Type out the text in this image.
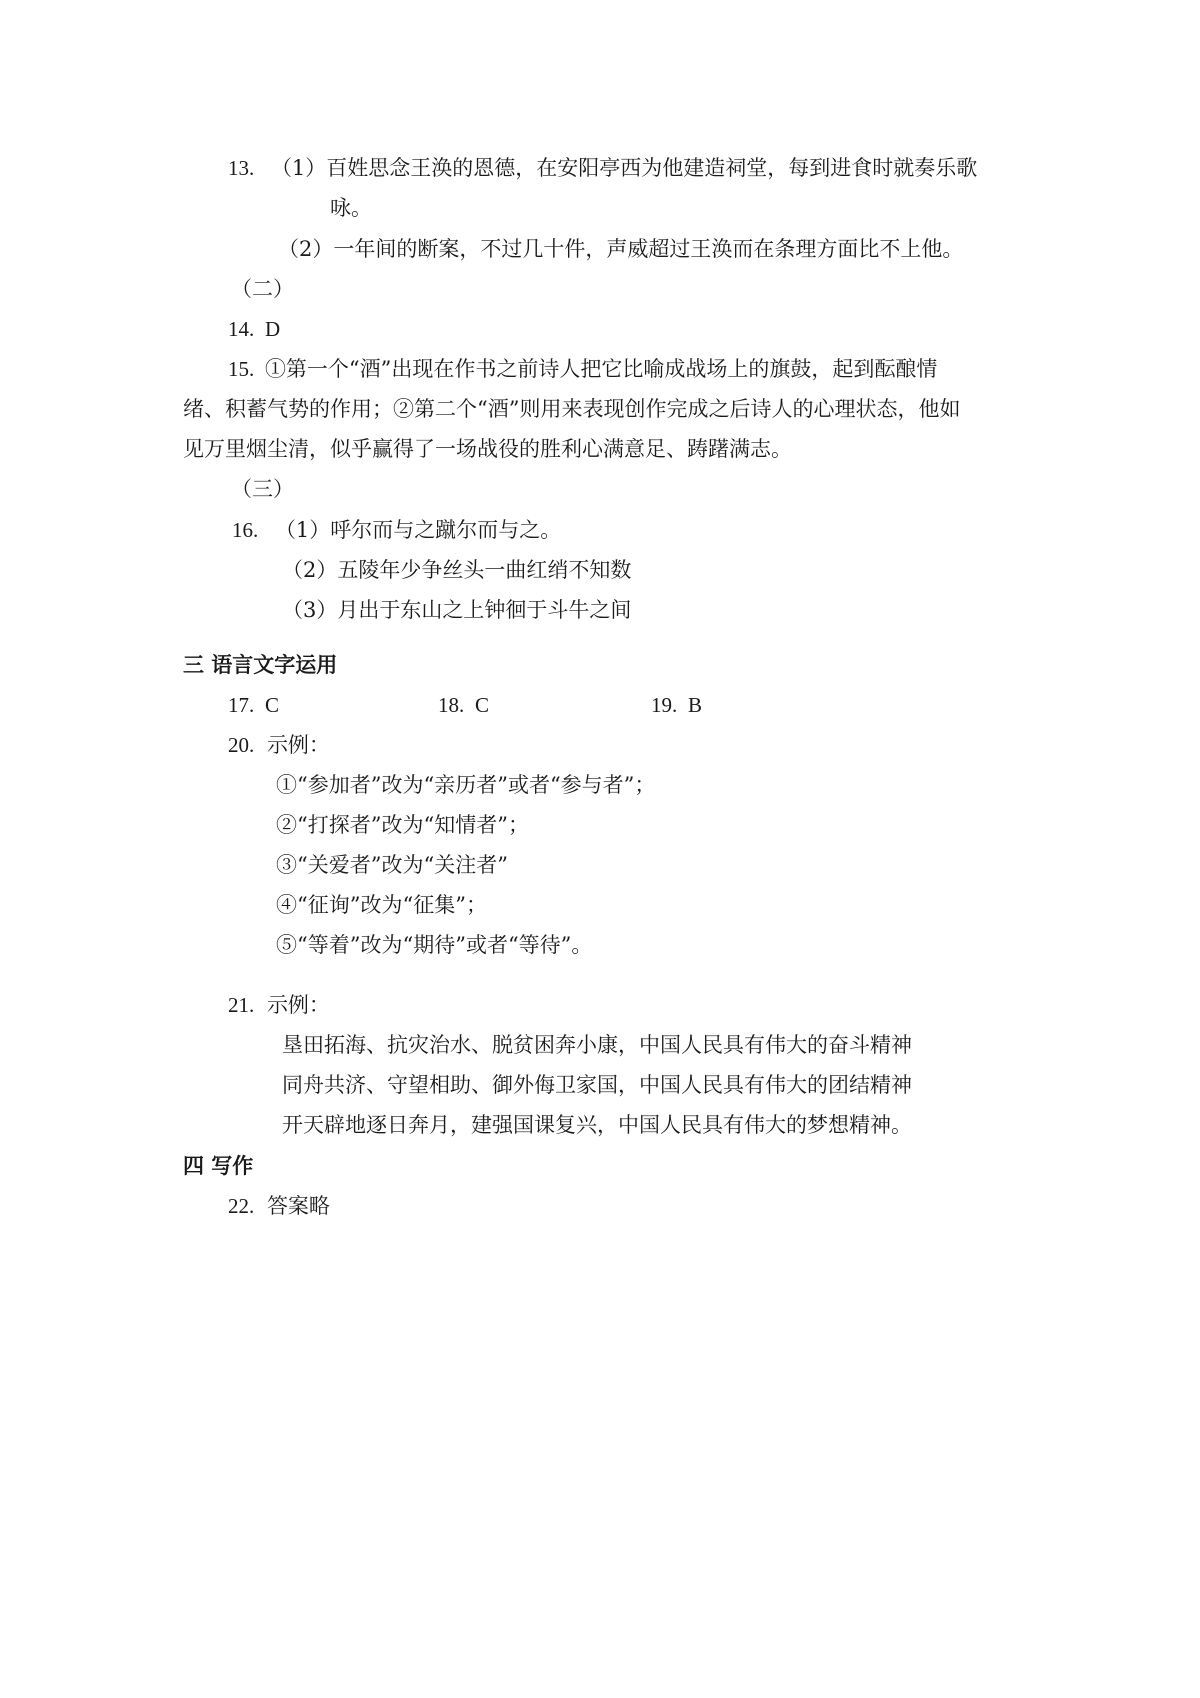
13. （1）百姓思念王涣的恩德，在安阳亭西为他建造祠堂，每到进食时就奏乐歌
咏。
（2）一年间的断案，不过几十件，声威超过王涣而在条理方面比不上他。
（二）
14. D
15. ①第一个“酒”出现在作书之前诗人把它比喻成战场上的旗鼓，起到酝酿情
绪、积蓄气势的作用；②第二个“酒”则用来表现创作完成之后诗人的心理状态，他如
见万里烟尘清，似乎赢得了一场战役的胜利心满意足、踌躇满志。
（三）
16. （1）呼尔而与之蹴尔而与之。
（2）五陵年少争丝头一曲红绡不知数
（3）月出于东山之上钟徊于斗牛之间
三 语言文字运用
17. C	18. C	19. B
20. 示例：
①“参加者”改为“亲历者”或者“参与者”；
②“打探者”改为“知情者”；
③“关爱者”改为“关注者”
④“征询”改为“征集”；
⑤“等着”改为“期待”或者“等待”。
21. 示例：
垦田拓海、抗灾治水、脱贫困奔小康，中国人民具有伟大的奋斗精神
同舟共济、守望相助、御外侮卫家国，中国人民具有伟大的团结精神
开天辟地逐日奔月，建强国课复兴，中国人民具有伟大的梦想精神。
四 写作
22. 答案略
